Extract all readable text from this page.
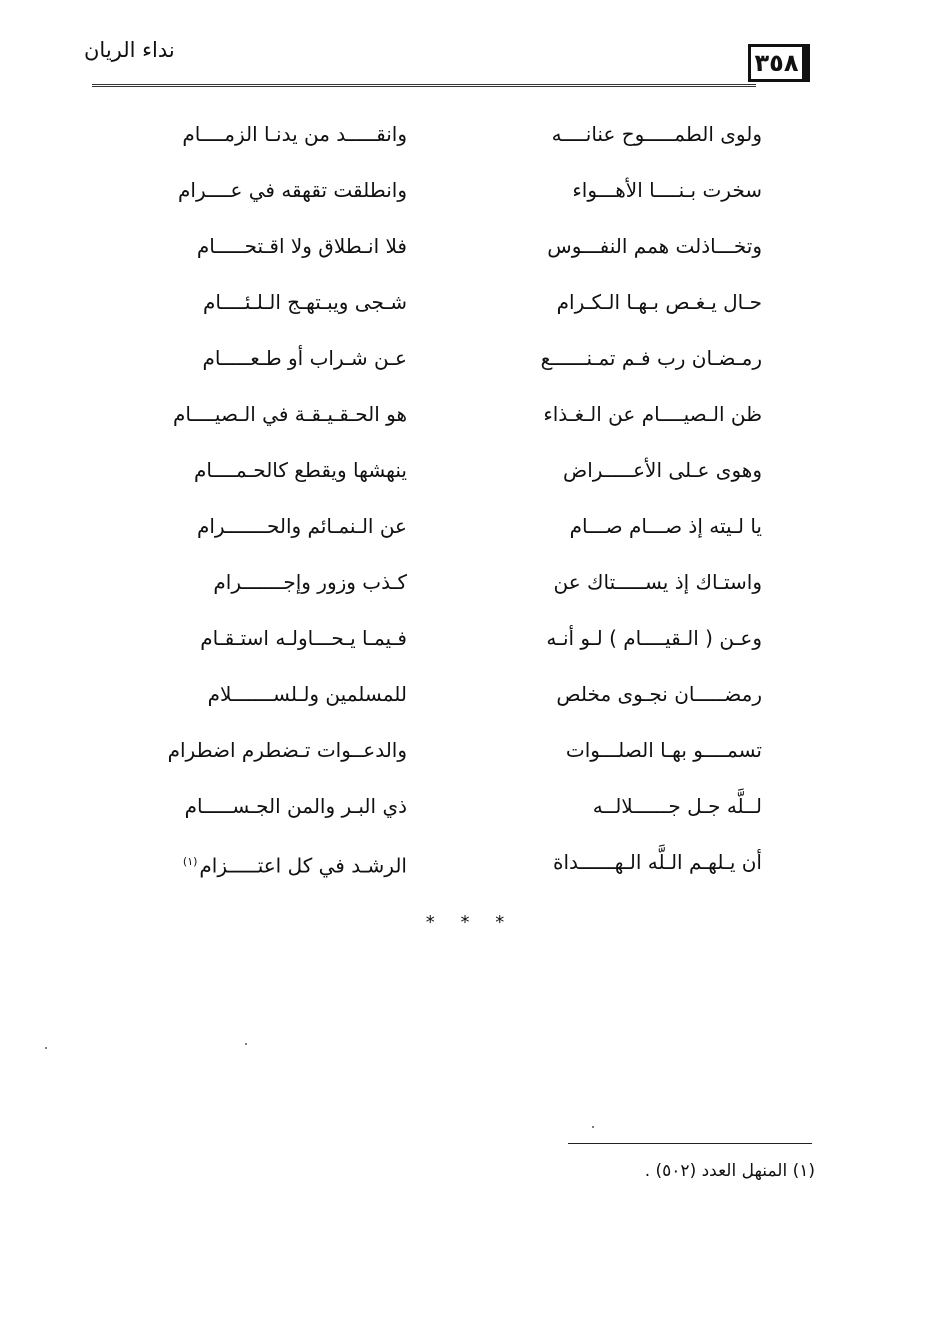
٣٥٨
نداء الريان
ولوى الطمـــــوح عنانــــه
وانقـــــد من يدنـا الزمــــام
سخرت بـنــــا الأهـــواء
وانطلقت تقهقه في عــــرام
وتخـــاذلت همم النفـــوس
فلا انـطلاق ولا اقـتحـــــام
حـال يـغـص بـهـا الـكـرام
شـجى ويبـتهـج الـلـئــــام
رمـضـان رب فـم تمـنــــــع
عـن شـراب أو طـعـــــام
ظن الـصيــــام عن الـغـذاء
هو الحـقـيـقـة في الـصيــــام
وهوى عـلى الأعـــــراض
ينهشها ويقطع كالحـمــــام
يا لـيته إذ صـــام صـــام
عن الـنمـائم والحـــــــرام
واستـاك إذ يســـــتاك عن
كـذب وزور وإجـــــــرام
وعـن ( الـقيــــام ) لـو أنـه
فـيمـا يـحـــاولـه استـقـام
رمضـــــان نجـوى مخلص
للمسلمين ولـلســـــــلام
تسمــــو بهـا الصلـــوات
والدعــوات تـضطرم اضطرام
لــلَّه جـل جــــــلالــه
ذي البـر والمن الجـســـــام
أن يـلهـم الـلَّه الـهــــــداة
الرشـد في كل اعتـــــزام$^{(١)}$
* * *
(١) المنهل العدد (٥٠٢) .
